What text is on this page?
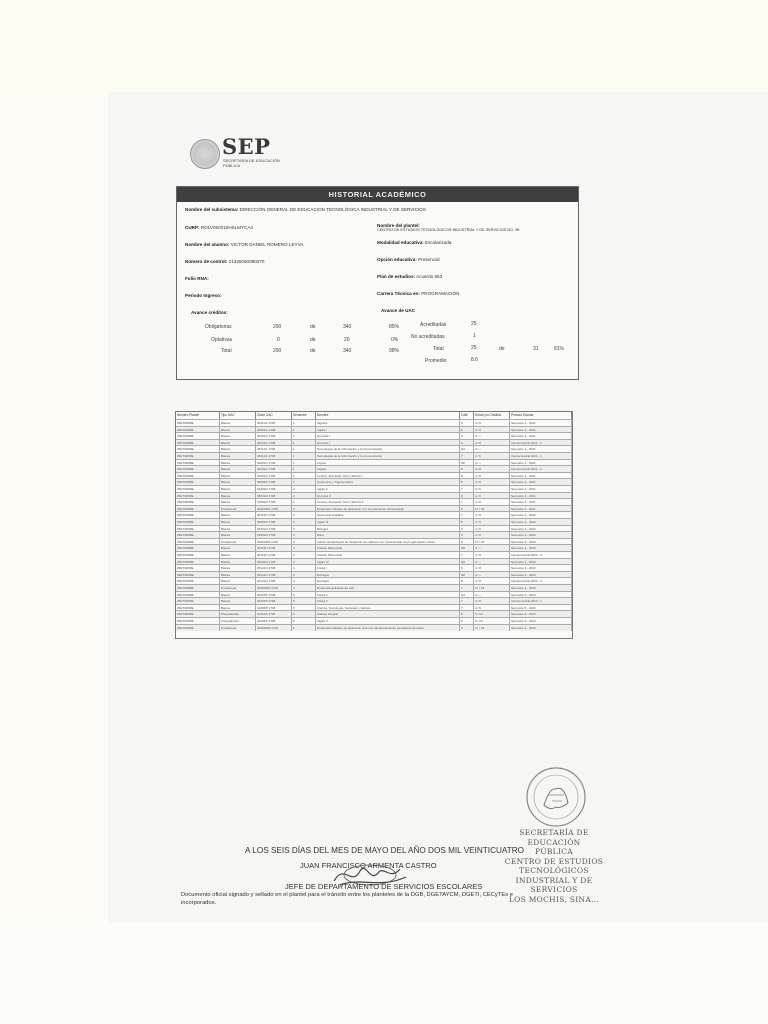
SEP
SECRETARÍA DE EDUCACIÓN PÚBLICA
HISTORIAL ACADÉMICO
Nombre del subsistema: DIRECCIÓN GENERAL DE EDUCACIÓN TECNOLÓGICA INDUSTRIAL Y DE SERVICIOS
CURP: ROLV050310HSLMYCA4	Nombre del plantel:
CENTRO DE ESTUDIOS TECNOLÓGICOS INDUSTRIAL Y DE SERVICIOS NO. 98
Nombre del alumno: VICTOR DANIEL ROMERO LEYVA	Modalidad educativa: Escolarizada
Número de control: 21325050080370	Opción educativa: Presencial
Folio RNA:	Plan de estudios: Acuerdo 653
Periodo Ingreso:	Carrera Técnica en: PROGRAMACIÓN
Avance créditos:	Avance de UAC
Obligatorias	290	de	340	85%
Optativas	0	de	20	0%
Total	290	de	340	98%
Acreditadas	25
No acreditadas	1
Total	25	de	31	81%
Promedio	8.6
Número Plantel	Tipo UAC	Clave UAC	Semestre	Nombre	Calif.	Horas y/o Créditos	Periodo Escolar
25ETI0098E	Básica	36111/1 1708	1	Álgebra	8	4 / 8	Semestre 1 - 2021
25ETI0098E	Básica	36221/1 1708	1	Inglés I	8	3 / 6	Semestre 1 - 2021
25ETI0098E	Básica	36231/1 1708	1	Química I	8	4 / --	Semestre 1 - 2021
25ETI0098E	Básica	36231/1 1708	1	Química I	9	4 / 8	Intersemestral 2021 - 1
25ETI0098E	Básica	36411/1 1708	1	Tecnologías de la Información y la Comunicación	NA	3 / --	Semestre 1 - 2021
25ETI0098E	Básica	36411/1 1708	1	Tecnologías de la Información y la Comunicación	7	3 / 6	Intersemestral 2021 - 1
25ETI0098E	Básica	32201/1 1708	1	Lógica	NP	4 / --	Semestre 1 - 2021
25ETI0098E	Básica	32201/1 1708	1	Lógica	8	4 / 8	Intersemestral 2021 - 1
25ETI0098E	Básica	32501/1 1708	1	Lectura, Expresión Oral y Escrita I	8	4 / 8	Semestre 1 - 2021
25ETI0098E	Básica	38202/2 1708	2	Geometría y Trigonometría	8	4 / 8	Semestre 2 - 2021
25ETI0098E	Básica	32202/2 1708	2	Inglés II	7	3 / 6	Semestre 2 - 2021
25ETI0098E	Básica	38232/2 1708	2	Química II	8	4 / 8	Semestre 2 - 2021
25ETI0098E	Básica	32502/2 1708	2	Lectura, Expresión Oral y Escrita II	7	4 / 8	Semestre 2 - 2021
25ETI0098E	Profesional	30410601 1708	2	Desarrolla software de aplicación con programación estructurada	8	17 / 34	Semestre 2 - 2021
25ETI0098E	Básica	36113/3 1708	3	Geometría Analítica	7	4 / 8	Semestre 3 - 2022
25ETI0098E	Básica	36203/3 1708	3	Inglés III	8	3 / 6	Semestre 3 - 2022
25ETI0098E	Básica	36161/3 1708	3	Biología	9	4 / 8	Semestre 3 - 2022
25ETI0098E	Básica	32503/3 1708	3	Ética	8	4 / 8	Semestre 3 - 2022
25ETI0098E	Profesional	30410602 1708	3	Aplica metodologías de desarrollo de software con herramientas de programación visual	8	17 / 34	Semestre 3 - 2022
25ETI0098E	Básica	36114/4 1708	4	Cálculo Diferencial	NP	4 / --	Semestre 4 - 2022
25ETI0098E	Básica	36114/4 1708	4	Cálculo Diferencial	7	4 / 8	Intersemestral 2022 - 2
25ETI0098E	Básica	32204/4 1708	4	Inglés IV	NP	3 / --	Semestre 4 - 2022
25ETI0098E	Básica	36121/4 1708	4	Física I	8	4 / 8	Semestre 4 - 2022
25ETI0098E	Básica	36131/4 1708	4	Ecología	NP	4 / --	Semestre 4 - 2022
25ETI0098E	Básica	36131/4 1708	4	Ecología	8	4 / 8	Intersemestral 2022 - 2
25ETI0098E	Profesional	30410603 1708	4	Desarrolla aplicaciones web	7	17 / 34	Semestre 4 - 2022
25ETI0098E	Básica	36115/5 1708	5	Física II	NA	4 / --	Semestre 5 - 2023
25ETI0098E	Básica	36115/5 1708	5	Física II	7	4 / 8	Intersemestral 2023 - 1
25ETI0098E	Básica	32205/5 1708	5	Ciencia, Tecnología, Sociedad y Valores	7	4 / 8	Semestre 5 - 2023
25ETI0098E	Propedéutica	34116/6 1708	6	Cálculo Integral	8	5 / 10	Semestre 6 - 2023
25ETI0098E	Propedéutica	32206/6 1708	6	Inglés V	9	5 / 10	Semestre 6 - 2023
25ETI0098E	Profesional	30410605 1708	6	Desarrolla software de aplicación web con almacenamiento persistente de datos	9	17 / 34	Semestre 6 - 2023
SECRETARÍA DE EDUCACIÓN
PÚBLICA
CENTRO DE ESTUDIOS
TECNOLÓGICOS
INDUSTRIAL Y DE SERVICIOS
LOS MOCHIS, SINA...
A LOS SEIS DÍAS DEL MES DE MAYO DEL AÑO DOS MIL VEINTICUATRO
JUAN FRANCISCO ARMENTA CASTRO
JEFE DE DEPARTAMENTO DE SERVICIOS ESCOLARES
Documento oficial signado y sellado en el plantel para el tránsito entre los planteles de la DGB, DGETAYCM, DGETI, CECyTEs e incorporados.
